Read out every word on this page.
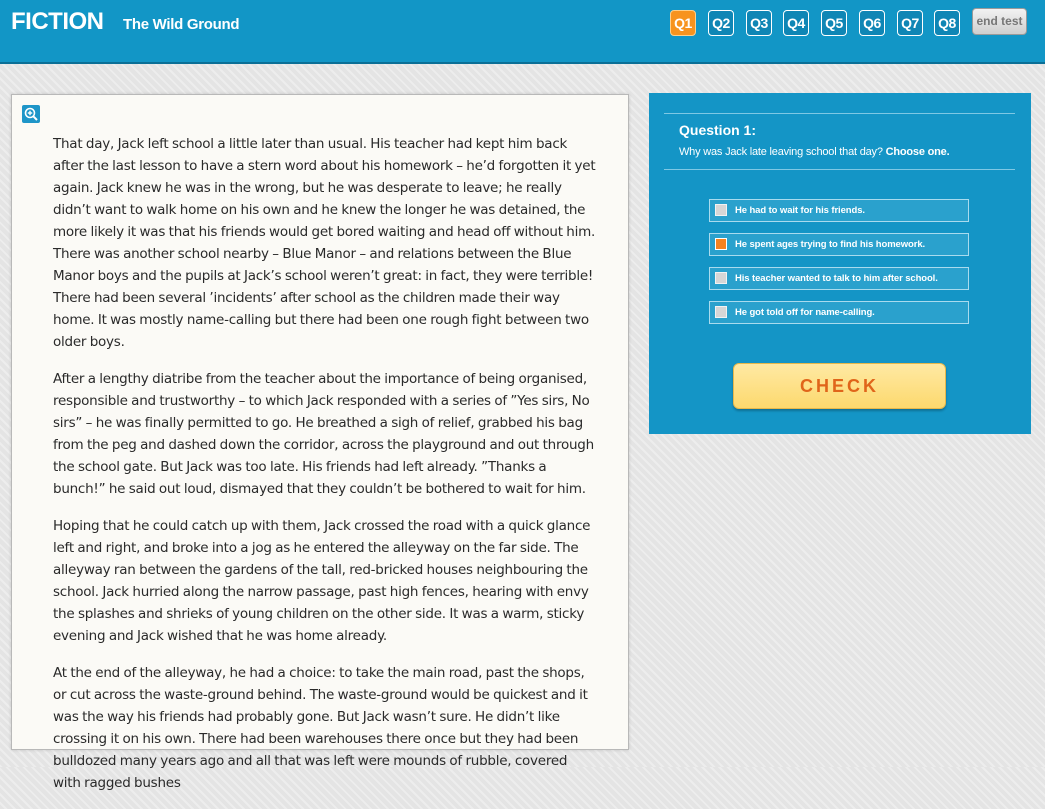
FICTION The Wild Ground	Q1 Q2 Q3 Q4 Q5 Q6 Q7 Q8	end test

That day, Jack left school a little later than usual. His teacher had kept him back after the last lesson to have a stern word about his homework – he’d forgotten it yet again. Jack knew he was in the wrong, but he was desperate to leave; he really didn’t want to walk home on his own and he knew the longer he was detained, the more likely it was that his friends would get bored waiting and head off without him. There was another school nearby – Blue Manor – and relations between the Blue Manor boys and the pupils at Jack’s school weren’t great: in fact, they were terrible! There had been several ’incidents’ after school as the children made their way home. It was mostly name-calling but there had been one rough fight between two older boys.

After a lengthy diatribe from the teacher about the importance of being organised, responsible and trustworthy – to which Jack responded with a series of ”Yes sirs, No sirs” – he was finally permitted to go. He breathed a sigh of relief, grabbed his bag from the peg and dashed down the corridor, across the playground and out through the school gate. But Jack was too late. His friends had left already. ”Thanks a bunch!” he said out loud, dismayed that they couldn’t be bothered to wait for him.

Hoping that he could catch up with them, Jack crossed the road with a quick glance left and right, and broke into a jog as he entered the alleyway on the far side. The alleyway ran between the gardens of the tall, red-bricked houses neighbouring the school. Jack hurried along the narrow passage, past high fences, hearing with envy the splashes and shrieks of young children on the other side. It was a warm, sticky evening and Jack wished that he was home already.

At the end of the alleyway, he had a choice: to take the main road, past the shops, or cut across the waste-ground behind. The waste-ground would be quickest and it was the way his friends had probably gone. But Jack wasn’t sure. He didn’t like crossing it on his own. There had been warehouses there once but they had been bulldozed many years ago and all that was left were mounds of rubble, covered with ragged bushes

Question 1:
Why was Jack late leaving school that day? Choose one.
He had to wait for his friends.
He spent ages trying to find his homework.
His teacher wanted to talk to him after school.
He got told off for name-calling.
CHECK
